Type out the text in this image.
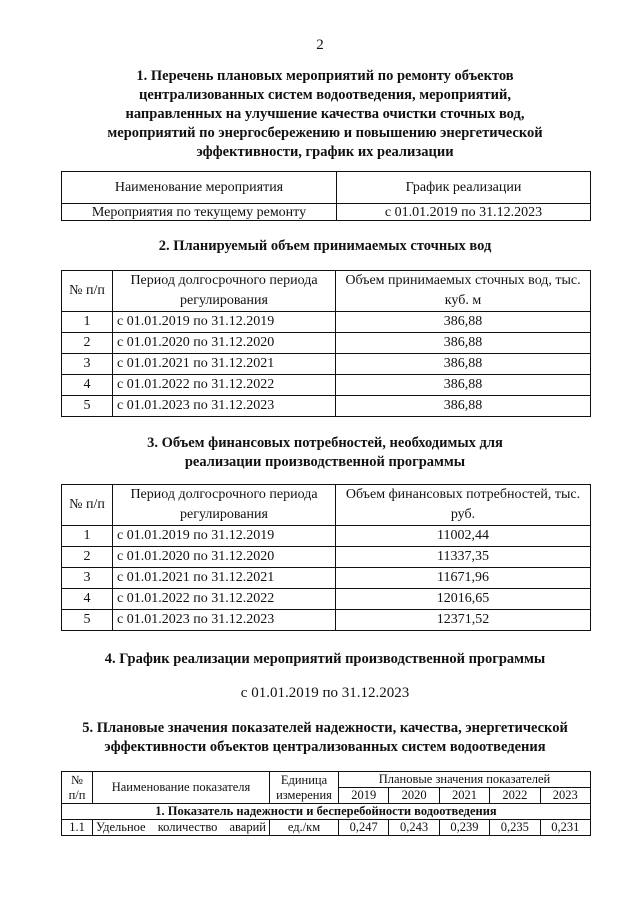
2
1. Перечень плановых мероприятий по ремонту объектов
централизованных систем водоотведения, мероприятий,
направленных на улучшение качества очистки сточных вод,
мероприятий по энергосбережению и повышению энергетической
эффективности, график их реализации
Наименование мероприятия	График реализации
Мероприятия по текущему ремонту	с 01.01.2019 по 31.12.2023
2. Планируемый объем принимаемых сточных вод
№ п/п	Период долгосрочного периода регулирования	Объем принимаемых сточных вод, тыс. куб. м
1	с 01.01.2019 по 31.12.2019	386,88
2	с 01.01.2020 по 31.12.2020	386,88
3	с 01.01.2021 по 31.12.2021	386,88
4	с 01.01.2022 по 31.12.2022	386,88
5	с 01.01.2023 по 31.12.2023	386,88
3. Объем финансовых потребностей, необходимых для
реализации производственной программы
№ п/п	Период долгосрочного периода регулирования	Объем финансовых потребностей, тыс. руб.
1	с 01.01.2019 по 31.12.2019	11002,44
2	с 01.01.2020 по 31.12.2020	11337,35
3	с 01.01.2021 по 31.12.2021	11671,96
4	с 01.01.2022 по 31.12.2022	12016,65
5	с 01.01.2023 по 31.12.2023	12371,52
4. График реализации мероприятий производственной программы
с 01.01.2019 по 31.12.2023
5. Плановые значения показателей надежности, качества, энергетической
эффективности объектов централизованных систем водоотведения
№ п/п	Наименование показателя	Единица измерения	Плановые значения показателей				
			2019	2020	2021	2022	2023
1. Показатель надежности и бесперебойности водоотведения							
1.1	Удельное количество аварий	ед./км	0,247	0,243	0,239	0,235	0,231
